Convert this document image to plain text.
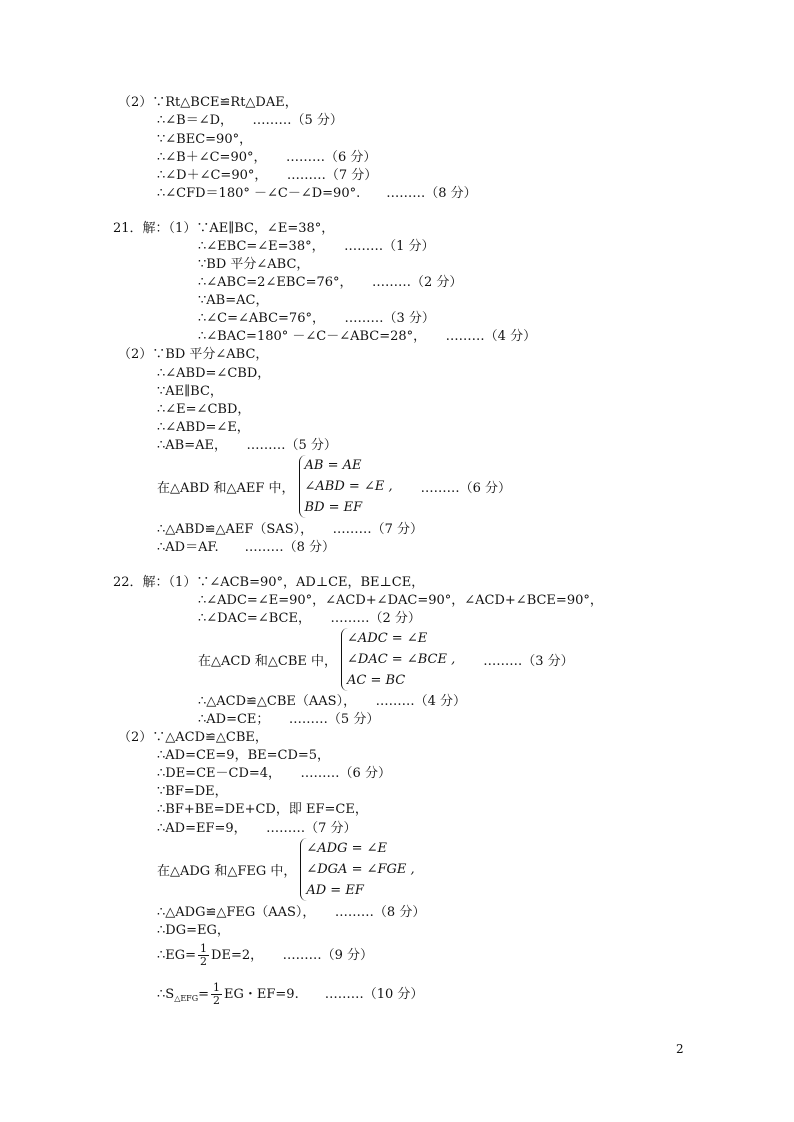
（2）∵Rt△BCE≌Rt△DAE，
∴∠B＝∠D，　　………（5 分）
∵∠BEC=90°，
∴∠B＋∠C=90°，　　………（6 分）
∴∠D＋∠C=90°，　　………（7 分）
∴∠CFD＝180° －∠C－∠D=90°.　　………（8 分）
21．解：（1）∵AE∥BC，∠E=38°，
∴∠EBC=∠E=38°，　　………（1 分）
∵BD 平分∠ABC，
∴∠ABC=2∠EBC=76°，　　………（2 分）
∵AB=AC，
∴∠C=∠ABC=76°，　　………（3 分）
∴∠BAC=180° －∠C－∠ABC=28°，　　………（4 分）
（2）∵BD 平分∠ABC，
∴∠ABD=∠CBD，
∵AE∥BC，
∴∠E=∠CBD，
∴∠ABD=∠E，
∴AB=AE，　　………（5 分）
在△ABD 和△AEF 中，
AB = AE
∠ABD = ∠E ,
BD = EF
………（6 分）
∴△ABD≌△AEF（SAS），　　………（7 分）
∴AD＝AF.　　………（8 分）
22．解：（1）∵∠ACB=90°，AD⊥CE，BE⊥CE，
∴∠ADC=∠E=90°，∠ACD+∠DAC=90°，∠ACD+∠BCE=90°，
∴∠DAC=∠BCE，　　………（2 分）
在△ACD 和△CBE 中，
∠ADC = ∠E
∠DAC = ∠BCE ,
AC = BC
………（3 分）
∴△ACD≌△CBE（AAS），　　………（4 分）
∴AD=CE；　　………（5 分）
（2）∵△ACD≌△CBE，
∴AD=CE=9，BE=CD=5，
∴DE=CE－CD=4，　　………（6 分）
∵BF=DE，
∴BF+BE=DE+CD，即 EF=CE，
∴AD=EF=9，　　………（7 分）
在△ADG 和△FEG 中，
∠ADG = ∠E
∠DGA = ∠FGE ,
AD = EF
∴△ADG≌△FEG（AAS），　　………（8 分）
∴DG=EG，
∴EG= $\frac{1}{2} DE=2$，　　………（9 分）
$\therefore S_{\triangle EFG}= \frac{1}{2}$ EG・EF=9.　　………（10 分）
2
